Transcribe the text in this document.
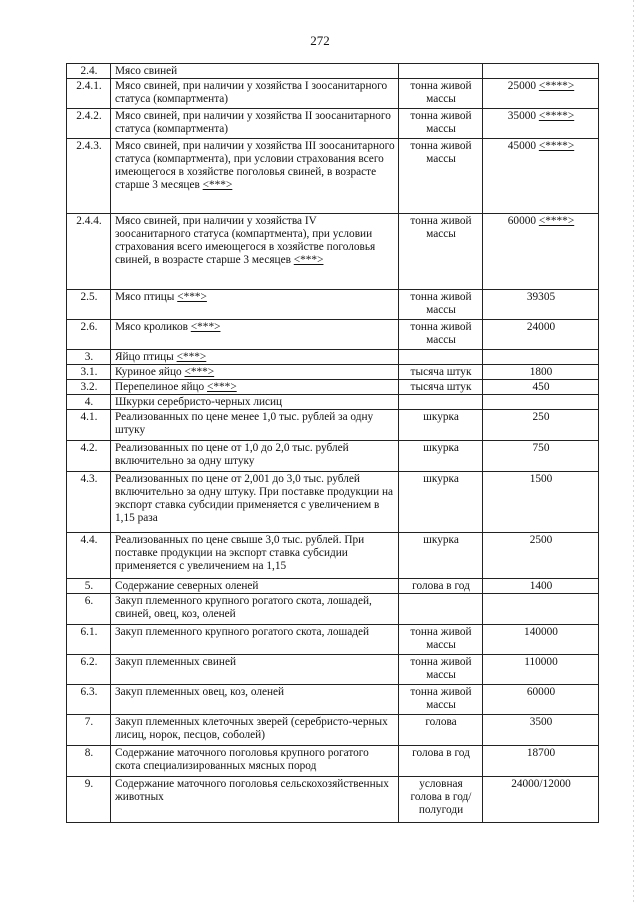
272
2.4.	Мясо свиней		
2.4.1.	Мясо свиней, при наличии у хозяйства I зоосанитарного статуса (компартмента)	тонна живой массы	25000 <****>
2.4.2.	Мясо свиней, при наличии у хозяйства II зоосанитарного статуса (компартмента)	тонна живой массы	35000 <****>
2.4.3.	Мясо свиней, при наличии у хозяйства III зоосанитарного статуса (компартмента), при условии страхования всего имеющегося в хозяйстве поголовья свиней, в возрасте старше 3 месяцев <***>	тонна живой массы	45000 <****>
2.4.4.	Мясо свиней, при наличии у хозяйства IV зоосанитарного статуса (компартмента), при условии страхования всего имеющегося в хозяйстве поголовья свиней, в возрасте старше 3 месяцев <***>	тонна живой массы	60000 <****>
2.5.	Мясо птицы <***>	тонна живой массы	39305
2.6.	Мясо кроликов <***>	тонна живой массы	24000
3.	Яйцо птицы <***>		
3.1.	Куриное яйцо <***>	тысяча штук	1800
3.2.	Перепелиное яйцо <***>	тысяча штук	450
4.	Шкурки серебристо-черных лисиц		
4.1.	Реализованных по цене менее 1,0 тыс. рублей за одну штуку	шкурка	250
4.2.	Реализованных по цене от 1,0 до 2,0 тыс. рублей включительно за одну штуку	шкурка	750
4.3.	Реализованных по цене от 2,001 до 3,0 тыс. рублей включительно за одну штуку. При поставке продукции на экспорт ставка субсидии применяется с увеличением в 1,15 раза	шкурка	1500
4.4.	Реализованных по цене свыше 3,0 тыс. рублей. При поставке продукции на экспорт ставка субсидии применяется с увеличением на 1,15	шкурка	2500
5.	Содержание северных оленей	голова в год	1400
6.	Закуп племенного крупного рогатого скота, лошадей, свиней, овец, коз, оленей		
6.1.	Закуп племенного крупного рогатого скота, лошадей	тонна живой массы	140000
6.2.	Закуп племенных свиней	тонна живой массы	110000
6.3.	Закуп племенных овец, коз, оленей	тонна живой массы	60000
7.	Закуп племенных клеточных зверей (серебристо-черных лисиц, норок, песцов, соболей)	голова	3500
8.	Содержание маточного поголовья крупного рогатого скота специализированных мясных пород	голова в год	18700
9.	Содержание маточного поголовья сельскохозяйственных животных	условная голова в год/полугоди	24000/12000
